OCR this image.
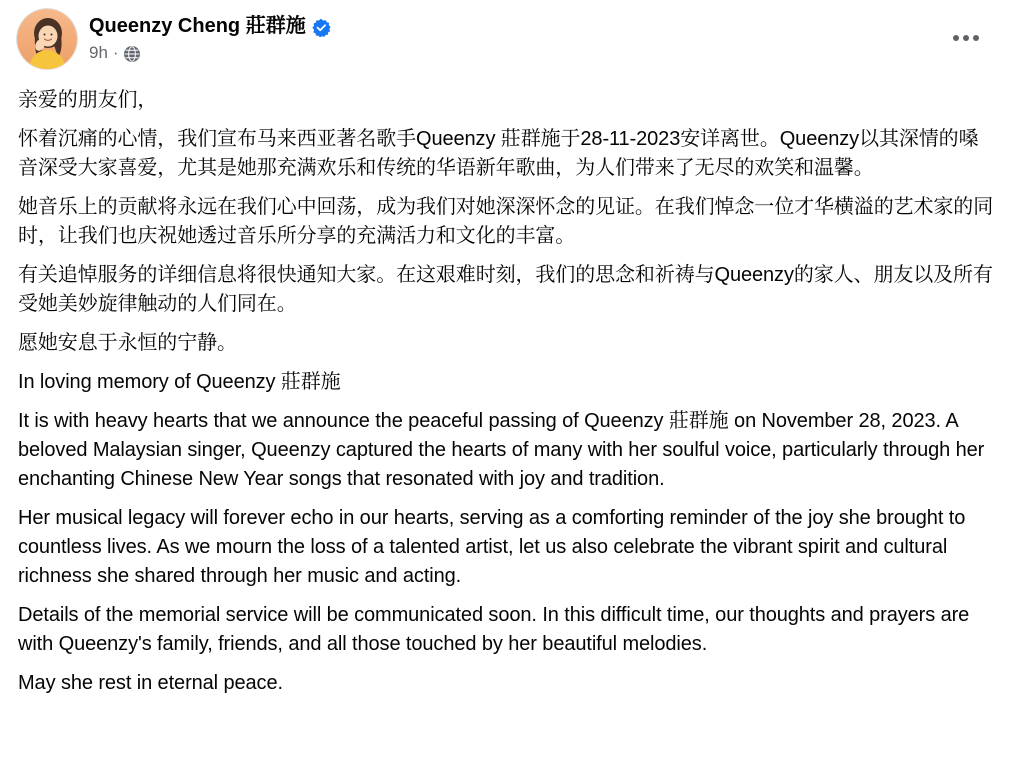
Queenzy Cheng 莊群施
9h ·

亲爱的朋友们，

怀着沉痛的心情，我们宣布马来西亚著名歌手Queenzy 莊群施于28-11-2023安详离世。Queenzy以其深情的嗓音深受大家喜爱，尤其是她那充满欢乐和传统的华语新年歌曲，为人们带来了无尽的欢笑和温馨。

她音乐上的贡献将永远在我们心中回荡，成为我们对她深深怀念的见证。在我们悼念一位才华横溢的艺术家的同时，让我们也庆祝她透过音乐所分享的充满活力和文化的丰富。

有关追悼服务的详细信息将很快通知大家。在这艰难时刻，我们的思念和祈祷与Queenzy的家人、朋友以及所有受她美妙旋律触动的人们同在。

愿她安息于永恒的宁静。

In loving memory of Queenzy 莊群施

It is with heavy hearts that we announce the peaceful passing of Queenzy 莊群施 on November 28, 2023. A beloved Malaysian singer, Queenzy captured the hearts of many with her soulful voice, particularly through her enchanting Chinese New Year songs that resonated with joy and tradition.

Her musical legacy will forever echo in our hearts, serving as a comforting reminder of the joy she brought to countless lives. As we mourn the loss of a talented artist, let us also celebrate the vibrant spirit and cultural richness she shared through her music and acting.

Details of the memorial service will be communicated soon. In this difficult time, our thoughts and prayers are with Queenzy's family, friends, and all those touched by her beautiful melodies.

May she rest in eternal peace.
